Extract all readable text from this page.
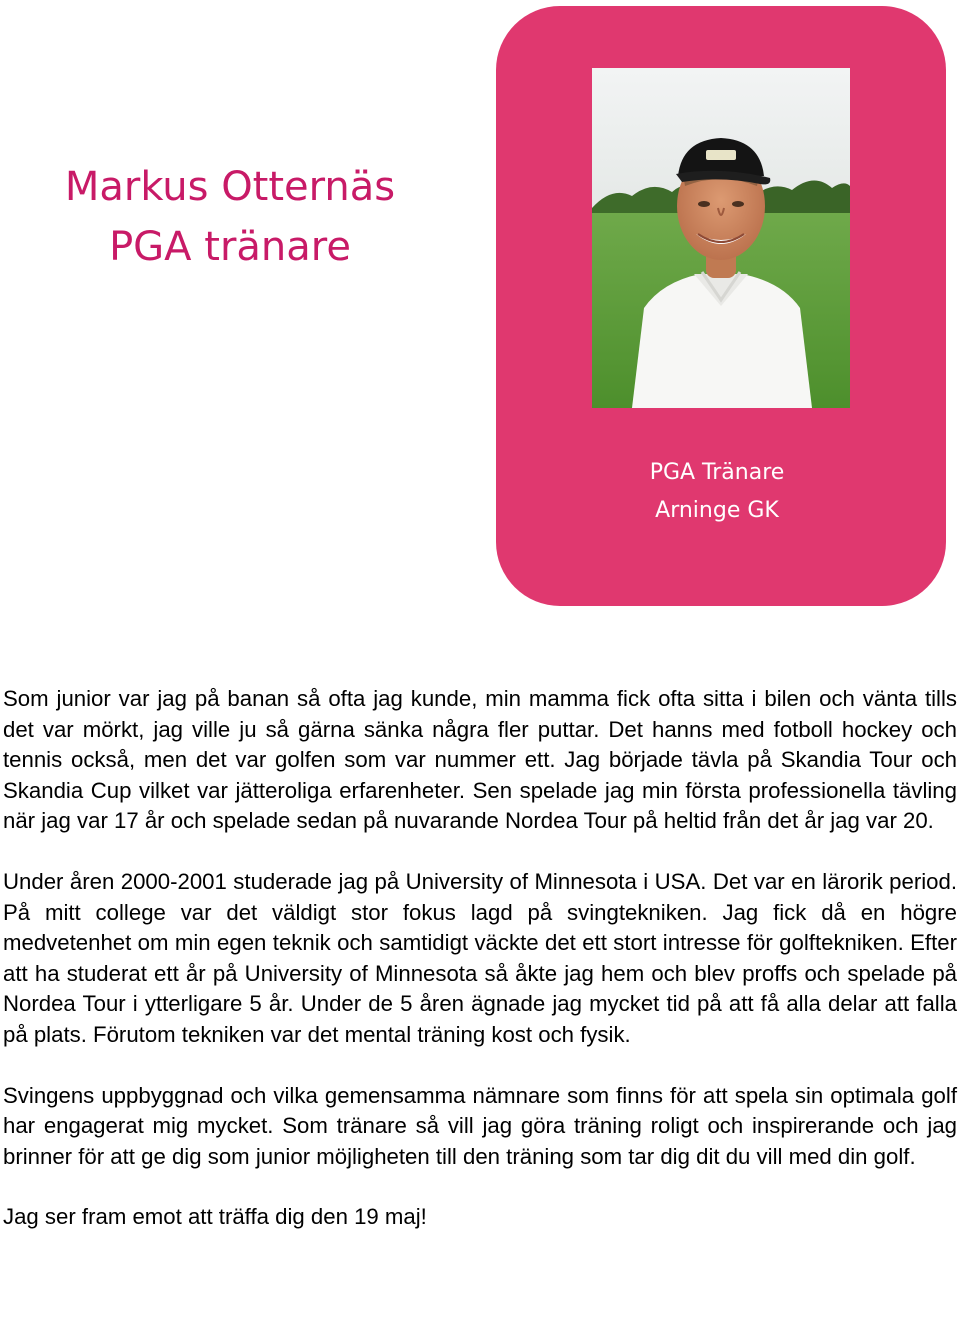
Markus Otternäs
PGA tränare
PGA Tränare
Arninge GK

Som junior var jag på banan så ofta jag kunde, min mamma fick ofta sitta i bilen och vänta tills det var mörkt, jag ville ju så gärna sänka några fler puttar. Det hanns med fotboll hockey och tennis också, men det var golfen som var nummer ett. Jag började tävla på Skandia Tour och Skandia Cup vilket var jätteroliga erfarenheter. Sen spelade jag min första professionella tävling när jag var 17 år och spelade sedan på nuvarande Nordea Tour på heltid från det år jag var 20.

Under åren 2000-2001 studerade jag på University of Minnesota i USA. Det var en lärorik period. På mitt college var det väldigt stor fokus lagd på svingtekniken. Jag fick då en högre medvetenhet om min egen teknik och samtidigt väckte det ett stort intresse för golftekniken. Efter att ha studerat ett år på University of Minnesota så åkte jag hem och blev proffs och spelade på Nordea Tour i ytterligare 5 år. Under de 5 åren ägnade jag mycket tid på att få alla delar att falla på plats. Förutom tekniken var det mental träning kost och fysik.

Svingens uppbyggnad och vilka gemensamma nämnare som finns för att spela sin optimala golf har engagerat mig mycket. Som tränare så vill jag göra träning roligt och inspirerande och jag brinner för att ge dig som junior möjligheten till den träning som tar dig dit du vill med din golf.

Jag ser fram emot att träffa dig den 19 maj!
